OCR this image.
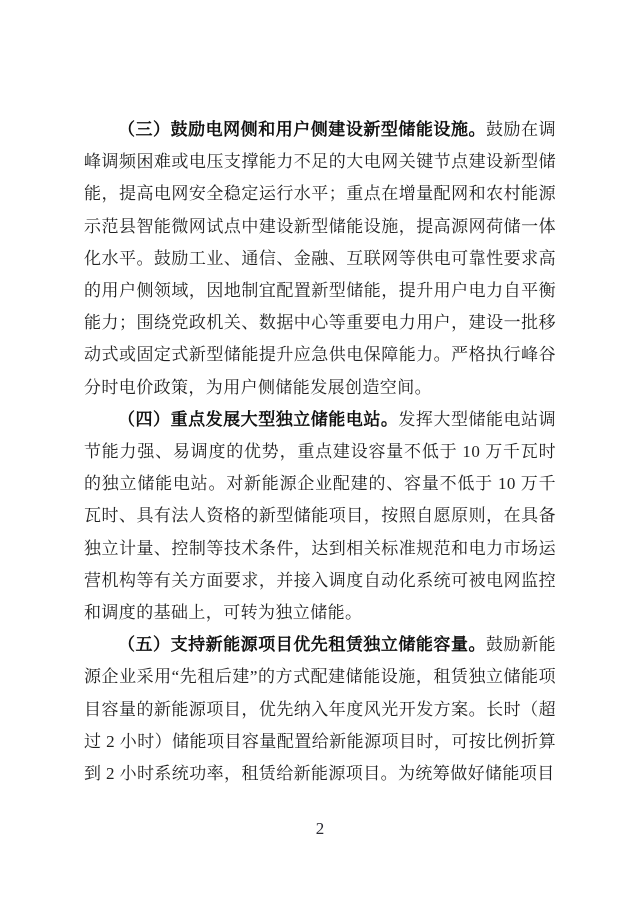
（三）鼓励电网侧和用户侧建设新型储能设施。鼓励在调峰调频困难或电压支撑能力不足的大电网关键节点建设新型储能，提高电网安全稳定运行水平；重点在增量配网和农村能源示范县智能微网试点中建设新型储能设施，提高源网荷储一体化水平。鼓励工业、通信、金融、互联网等供电可靠性要求高的用户侧领域，因地制宜配置新型储能，提升用户电力自平衡能力；围绕党政机关、数据中心等重要电力用户，建设一批移动式或固定式新型储能提升应急供电保障能力。严格执行峰谷分时电价政策，为用户侧储能发展创造空间。

（四）重点发展大型独立储能电站。发挥大型储能电站调节能力强、易调度的优势，重点建设容量不低于 10 万千瓦时的独立储能电站。对新能源企业配建的、容量不低于 10 万千瓦时、具有法人资格的新型储能项目，按照自愿原则，在具备独立计量、控制等技术条件，达到相关标准规范和电力市场运营机构等有关方面要求，并接入调度自动化系统可被电网监控和调度的基础上，可转为独立储能。

（五）支持新能源项目优先租赁独立储能容量。鼓励新能源企业采用“先租后建”的方式配建储能设施，租赁独立储能项目容量的新能源项目，优先纳入年度风光开发方案。长时（超过 2 小时）储能项目容量配置给新能源项目时，可按比例折算到 2 小时系统功率，租赁给新能源项目。为统筹做好储能项目

2
